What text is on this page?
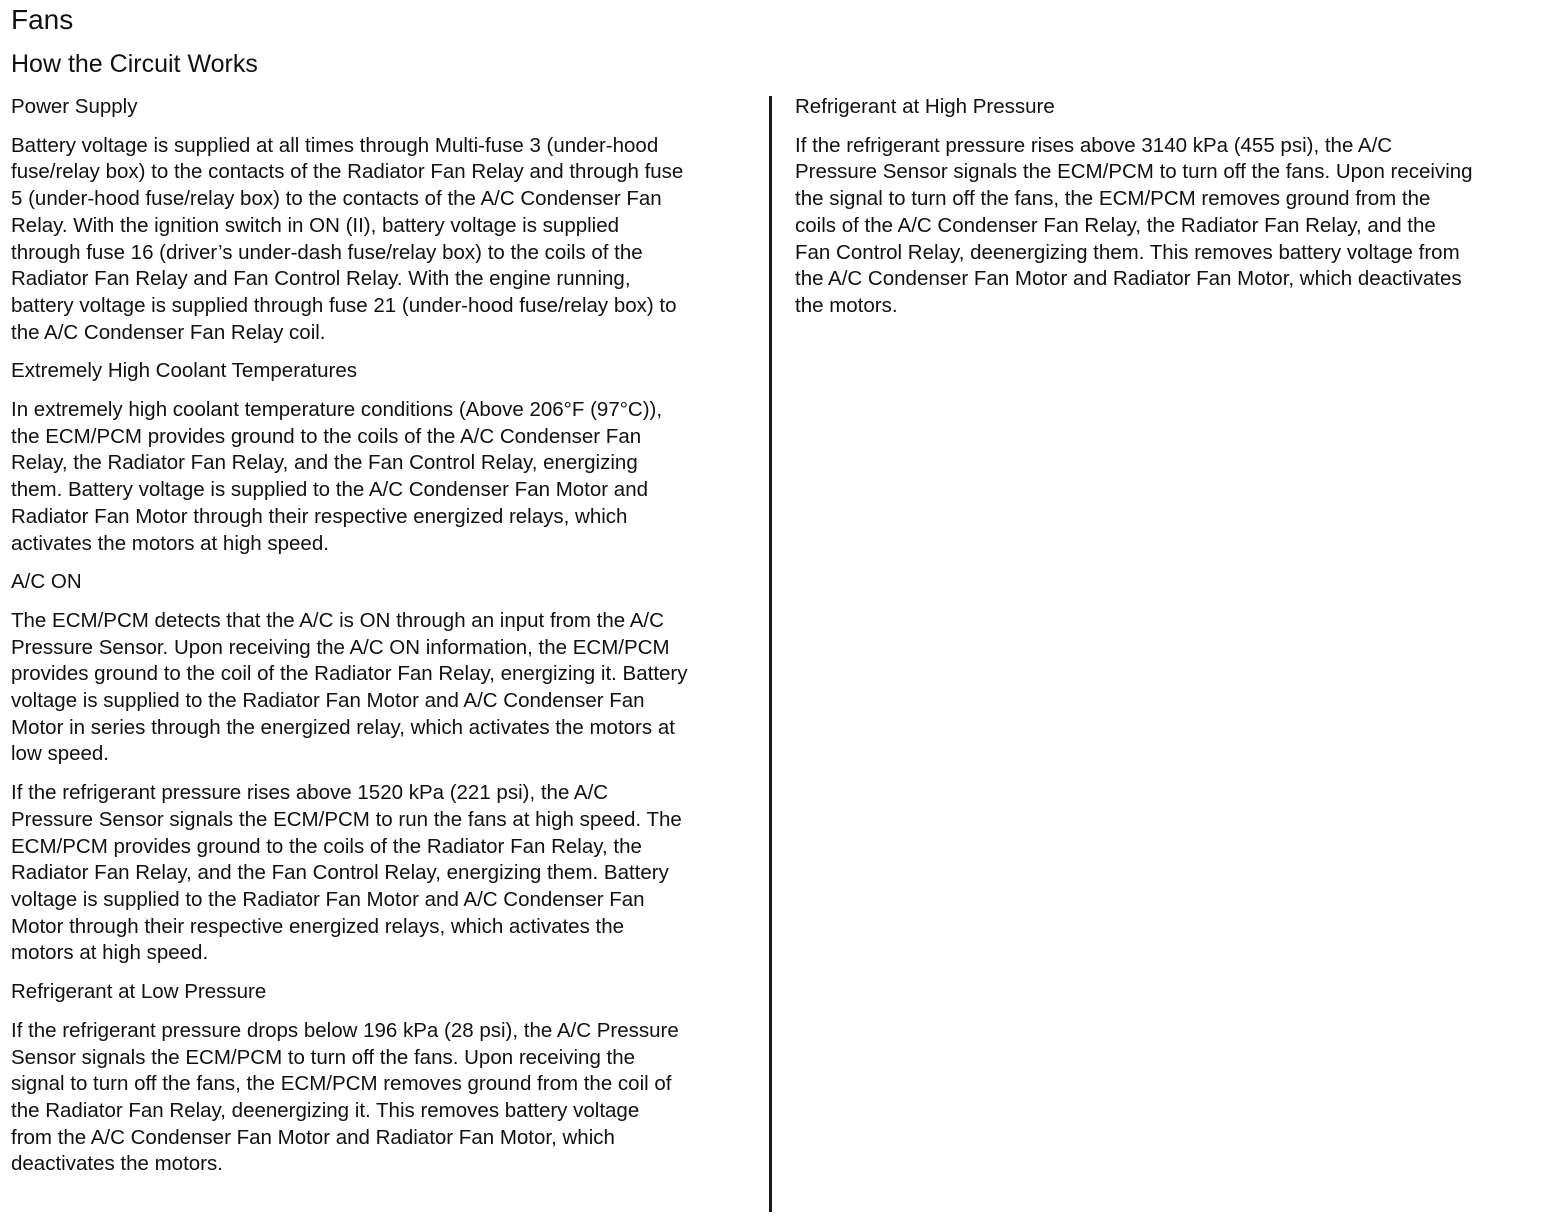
Fans
How the Circuit Works
Power Supply

Battery voltage is supplied at all times through Multi-fuse 3 (under-hood
fuse/relay box) to the contacts of the Radiator Fan Relay and through fuse
5 (under-hood fuse/relay box) to the contacts of the A/C Condenser Fan
Relay. With the ignition switch in ON (II), battery voltage is supplied
through fuse 16 (driver’s under-dash fuse/relay box) to the coils of the
Radiator Fan Relay and Fan Control Relay. With the engine running,
battery voltage is supplied through fuse 21 (under-hood fuse/relay box) to
the A/C Condenser Fan Relay coil.

Extremely High Coolant Temperatures

In extremely high coolant temperature conditions (Above 206°F (97°C)),
the ECM/PCM provides ground to the coils of the A/C Condenser Fan
Relay, the Radiator Fan Relay, and the Fan Control Relay, energizing
them. Battery voltage is supplied to the A/C Condenser Fan Motor and
Radiator Fan Motor through their respective energized relays, which
activates the motors at high speed.

A/C ON

The ECM/PCM detects that the A/C is ON through an input from the A/C
Pressure Sensor. Upon receiving the A/C ON information, the ECM/PCM
provides ground to the coil of the Radiator Fan Relay, energizing it. Battery
voltage is supplied to the Radiator Fan Motor and A/C Condenser Fan
Motor in series through the energized relay, which activates the motors at
low speed.

If the refrigerant pressure rises above 1520 kPa (221 psi), the A/C
Pressure Sensor signals the ECM/PCM to run the fans at high speed. The
ECM/PCM provides ground to the coils of the Radiator Fan Relay, the
Radiator Fan Relay, and the Fan Control Relay, energizing them. Battery
voltage is supplied to the Radiator Fan Motor and A/C Condenser Fan
Motor through their respective energized relays, which activates the
motors at high speed.

Refrigerant at Low Pressure

If the refrigerant pressure drops below 196 kPa (28 psi), the A/C Pressure
Sensor signals the ECM/PCM to turn off the fans. Upon receiving the
signal to turn off the fans, the ECM/PCM removes ground from the coil of
the Radiator Fan Relay, deenergizing it. This removes battery voltage
from the A/C Condenser Fan Motor and Radiator Fan Motor, which
deactivates the motors.

Refrigerant at High Pressure

If the refrigerant pressure rises above 3140 kPa (455 psi), the A/C
Pressure Sensor signals the ECM/PCM to turn off the fans. Upon receiving
the signal to turn off the fans, the ECM/PCM removes ground from the
coils of the A/C Condenser Fan Relay, the Radiator Fan Relay, and the
Fan Control Relay, deenergizing them. This removes battery voltage from
the A/C Condenser Fan Motor and Radiator Fan Motor, which deactivates
the motors.
